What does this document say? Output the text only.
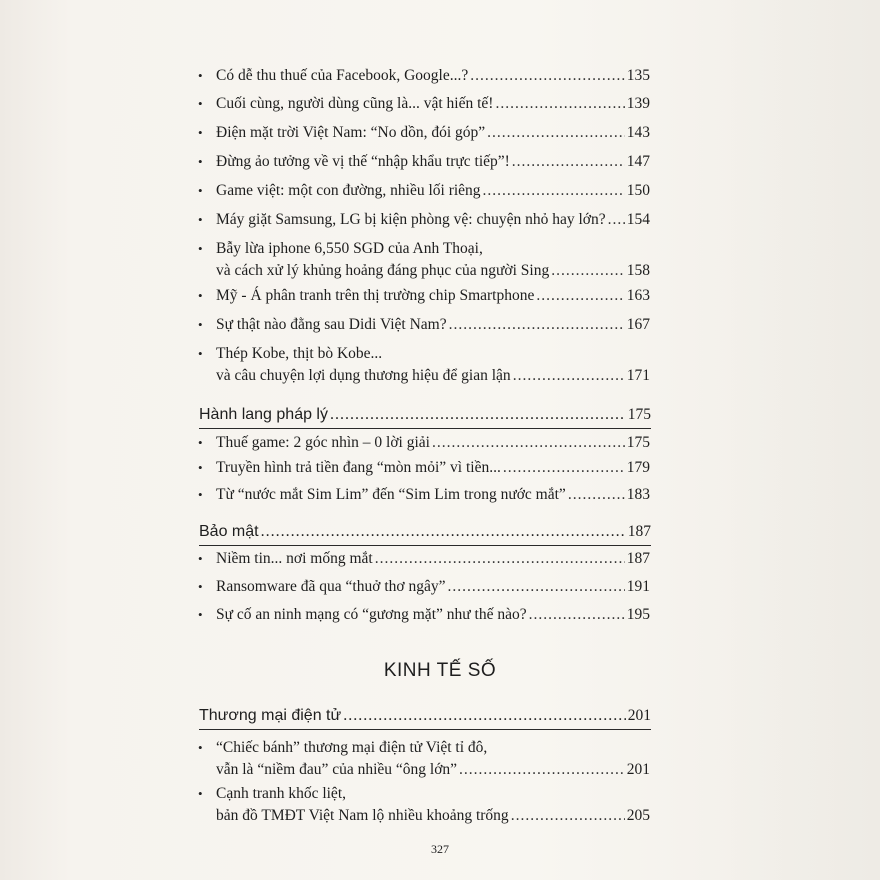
• Có dễ thu thuế của Facebook, Google...? .....	135
• Cuối cùng, người dùng cũng là... vật hiến tế! .....	139
• Điện mặt trời Việt Nam: “No dồn, đói góp” .....	143
• Đừng ảo tưởng về vị thế “nhập khẩu trực tiếp”! .....	147
• Game việt: một con đường, nhiều lối riêng .....	150
• Máy giặt Samsung, LG bị kiện phòng vệ: chuyện nhỏ hay lớn? ..... 154
• Bẫy lừa iphone 6,550 SGD của Anh Thoại,
và cách xử lý khủng hoảng đáng phục của người Sing .....	158
• Mỹ - Á phân tranh trên thị trường chip Smartphone .....	163
• Sự thật nào đằng sau Didi Việt Nam? .....	167
• Thép Kobe, thịt bò Kobe...
và câu chuyện lợi dụng thương hiệu để gian lận .....	171
Hành lang pháp lý .....	175
• Thuế game: 2 góc nhìn – 0 lời giải .....	175
• Truyền hình trả tiền đang “mòn mỏi” vì tiền... .....	179
• Từ “nước mắt Sim Lim” đến “Sim Lim trong nước mắt” .....	183
Bảo mật .....	187
• Niềm tin... nơi mống mắt .....	187
• Ransomware đã qua “thuở thơ ngây” .....	191
• Sự cố an ninh mạng có “gương mặt” như thế nào? .....	195
KINH TẾ SỐ
Thương mại điện tử .....	201
• “Chiếc bánh” thương mại điện tử Việt tỉ đô,
vẫn là “niềm đau” của nhiều “ông lớn” .....	201
• Cạnh tranh khốc liệt,
bản đồ TMĐT Việt Nam lộ nhiều khoảng trống .....	205
327
